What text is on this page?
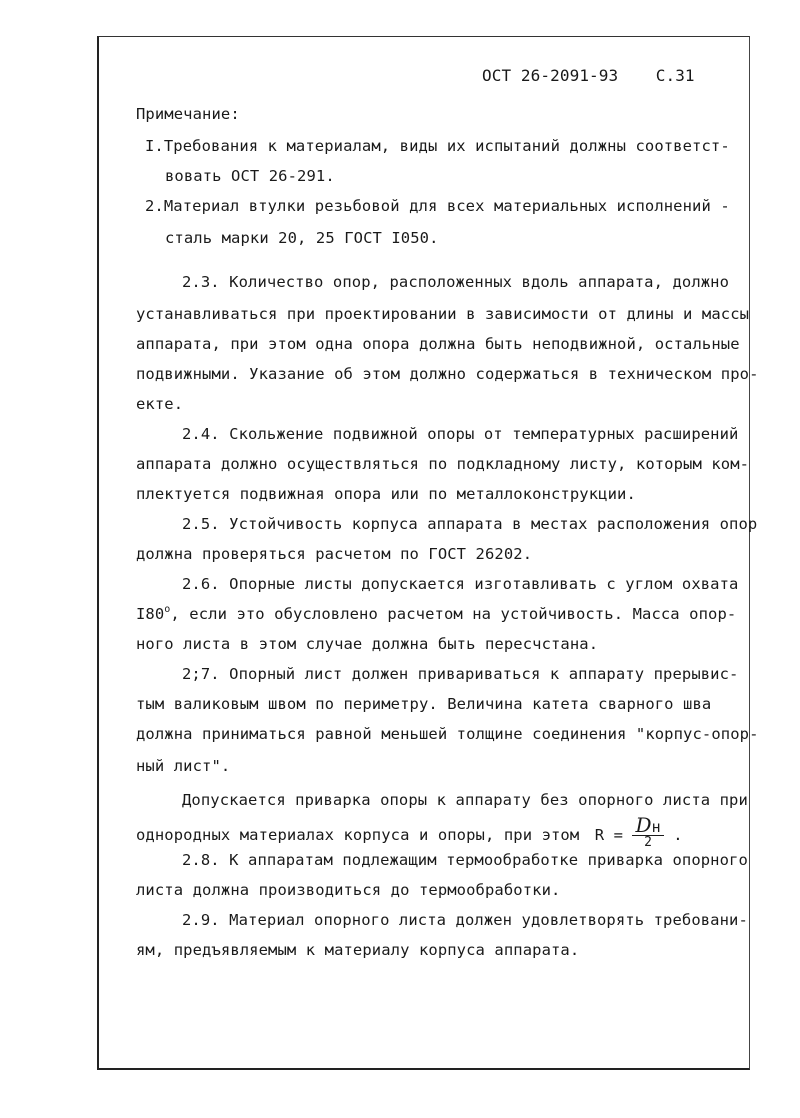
ОСТ 26-2091-93 С.31
Примечание:
I.Требования к материалам, виды их испытаний должны соответст-
вовать ОСТ 26-291.
2.Материал втулки резьбовой для всех материальных исполнений -
сталь марки 20, 25 ГОСТ I050.
2.3. Количество опор, расположенных вдоль аппарата, должно
устанавливаться при проектировании в зависимости от длины и массы
аппарата, при этом одна опора должна быть неподвижной, остальные
подвижными. Указание об этом должно содержаться в техническом про-
екте.
2.4. Скольжение подвижной опоры от температурных расширений
аппарата должно осуществляться по подкладному листу, которым ком-
плектуется подвижная опора или по металлоконструкции.
2.5. Устойчивость корпуса аппарата в местах расположения опор
должна проверяться расчетом по ГОСТ 26202.
2.6. Опорные листы допускается изготавливать с углом охвата
$I80^о$, если это обусловлено расчетом на устойчивость. Масса опор-
ного листа в этом случае должна быть пересчстана.
2;7. Опорный лист должен привариваться к аппарату прерывис-
тым валиковым швом по периметру. Величина катета сварного шва
должна приниматься равной меньшей толщине соединения "корпус-опор-
ный лист".
Допускается приварка опоры к аппарату без опорного листа при
однородных материалах корпуса и опоры, при этом $R = \frac{Dн}{2}$ .
2.8. К аппаратам подлежащим термообработке приварка опорного
листа должна производиться до термообработки.
2.9. Материал опорного листа должен удовлетворять требовани-
ям, предъявляемым к материалу корпуса аппарата.
